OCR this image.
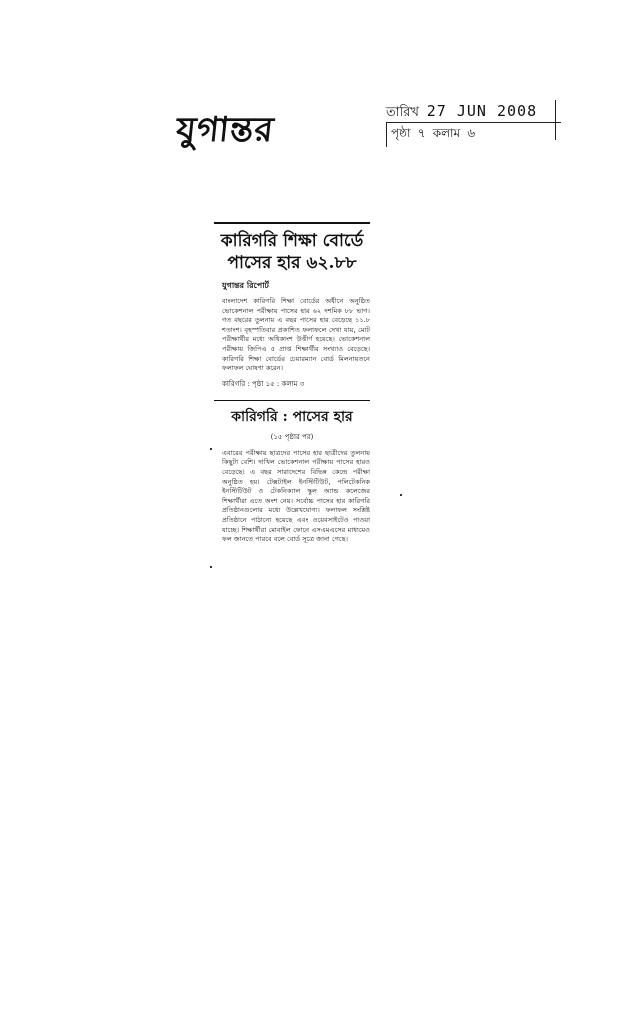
যুগান্তর	তারিখ 27 JUN 2008
পৃষ্ঠা ৭ কলাম ৬
কারিগরি শিক্ষা বোর্ডে পাসের হার ৬২.৮৮
যুগান্তর রিপোর্ট

বাংলাদেশ কারিগরি শিক্ষা বোর্ডের অধীনে অনুষ্ঠিত ভোকেশনাল পরীক্ষায় পাসের হার ৬২ দশমিক ৮৮ ভাগ। গত বছরের তুলনায় এ বছর পাসের হার বেড়েছে ১১.৮ শতাংশ। বৃহস্পতিবার প্রকাশিত ফলাফলে দেখা যায়, মোট পরীক্ষার্থীর মধ্যে অধিকাংশ উত্তীর্ণ হয়েছে। ভোকেশনাল পরীক্ষায় জিপিএ ৫ প্রাপ্ত শিক্ষার্থীর সংখ্যাও বেড়েছে। কারিগরি শিক্ষা বোর্ডের চেয়ারম্যান বোর্ড মিলনায়তনে ফলাফল ঘোষণা করেন।

কারিগরি : পৃষ্ঠা ১৫ : কলাম ৩
কারিগরি : পাসের হার
(১৫ পৃষ্ঠার পর)

এবারের পরীক্ষায় ছাত্রদের পাসের হার ছাত্রীদের তুলনায় কিছুটা বেশি। দাখিল ভোকেশনাল পরীক্ষায় পাসের হারও বেড়েছে। এ বছর সারাদেশের বিভিন্ন কেন্দ্রে পরীক্ষা অনুষ্ঠিত হয়। টেক্সটাইল ইনস্টিটিউট, পলিটেকনিক ইনস্টিটিউট ও টেকনিক্যাল স্কুল অ্যান্ড কলেজের শিক্ষার্থীরা এতে অংশ নেয়। সর্বোচ্চ পাসের হার কারিগরি প্রতিষ্ঠানগুলোর মধ্যে উল্লেখযোগ্য। ফলাফল সংশ্লিষ্ট প্রতিষ্ঠানে পাঠানো হয়েছে এবং ওয়েবসাইটেও পাওয়া যাচ্ছে। শিক্ষার্থীরা মোবাইল ফোনে এসএমএসের মাধ্যমেও ফল জানতে পারবে বলে বোর্ড সূত্রে জানা গেছে।
